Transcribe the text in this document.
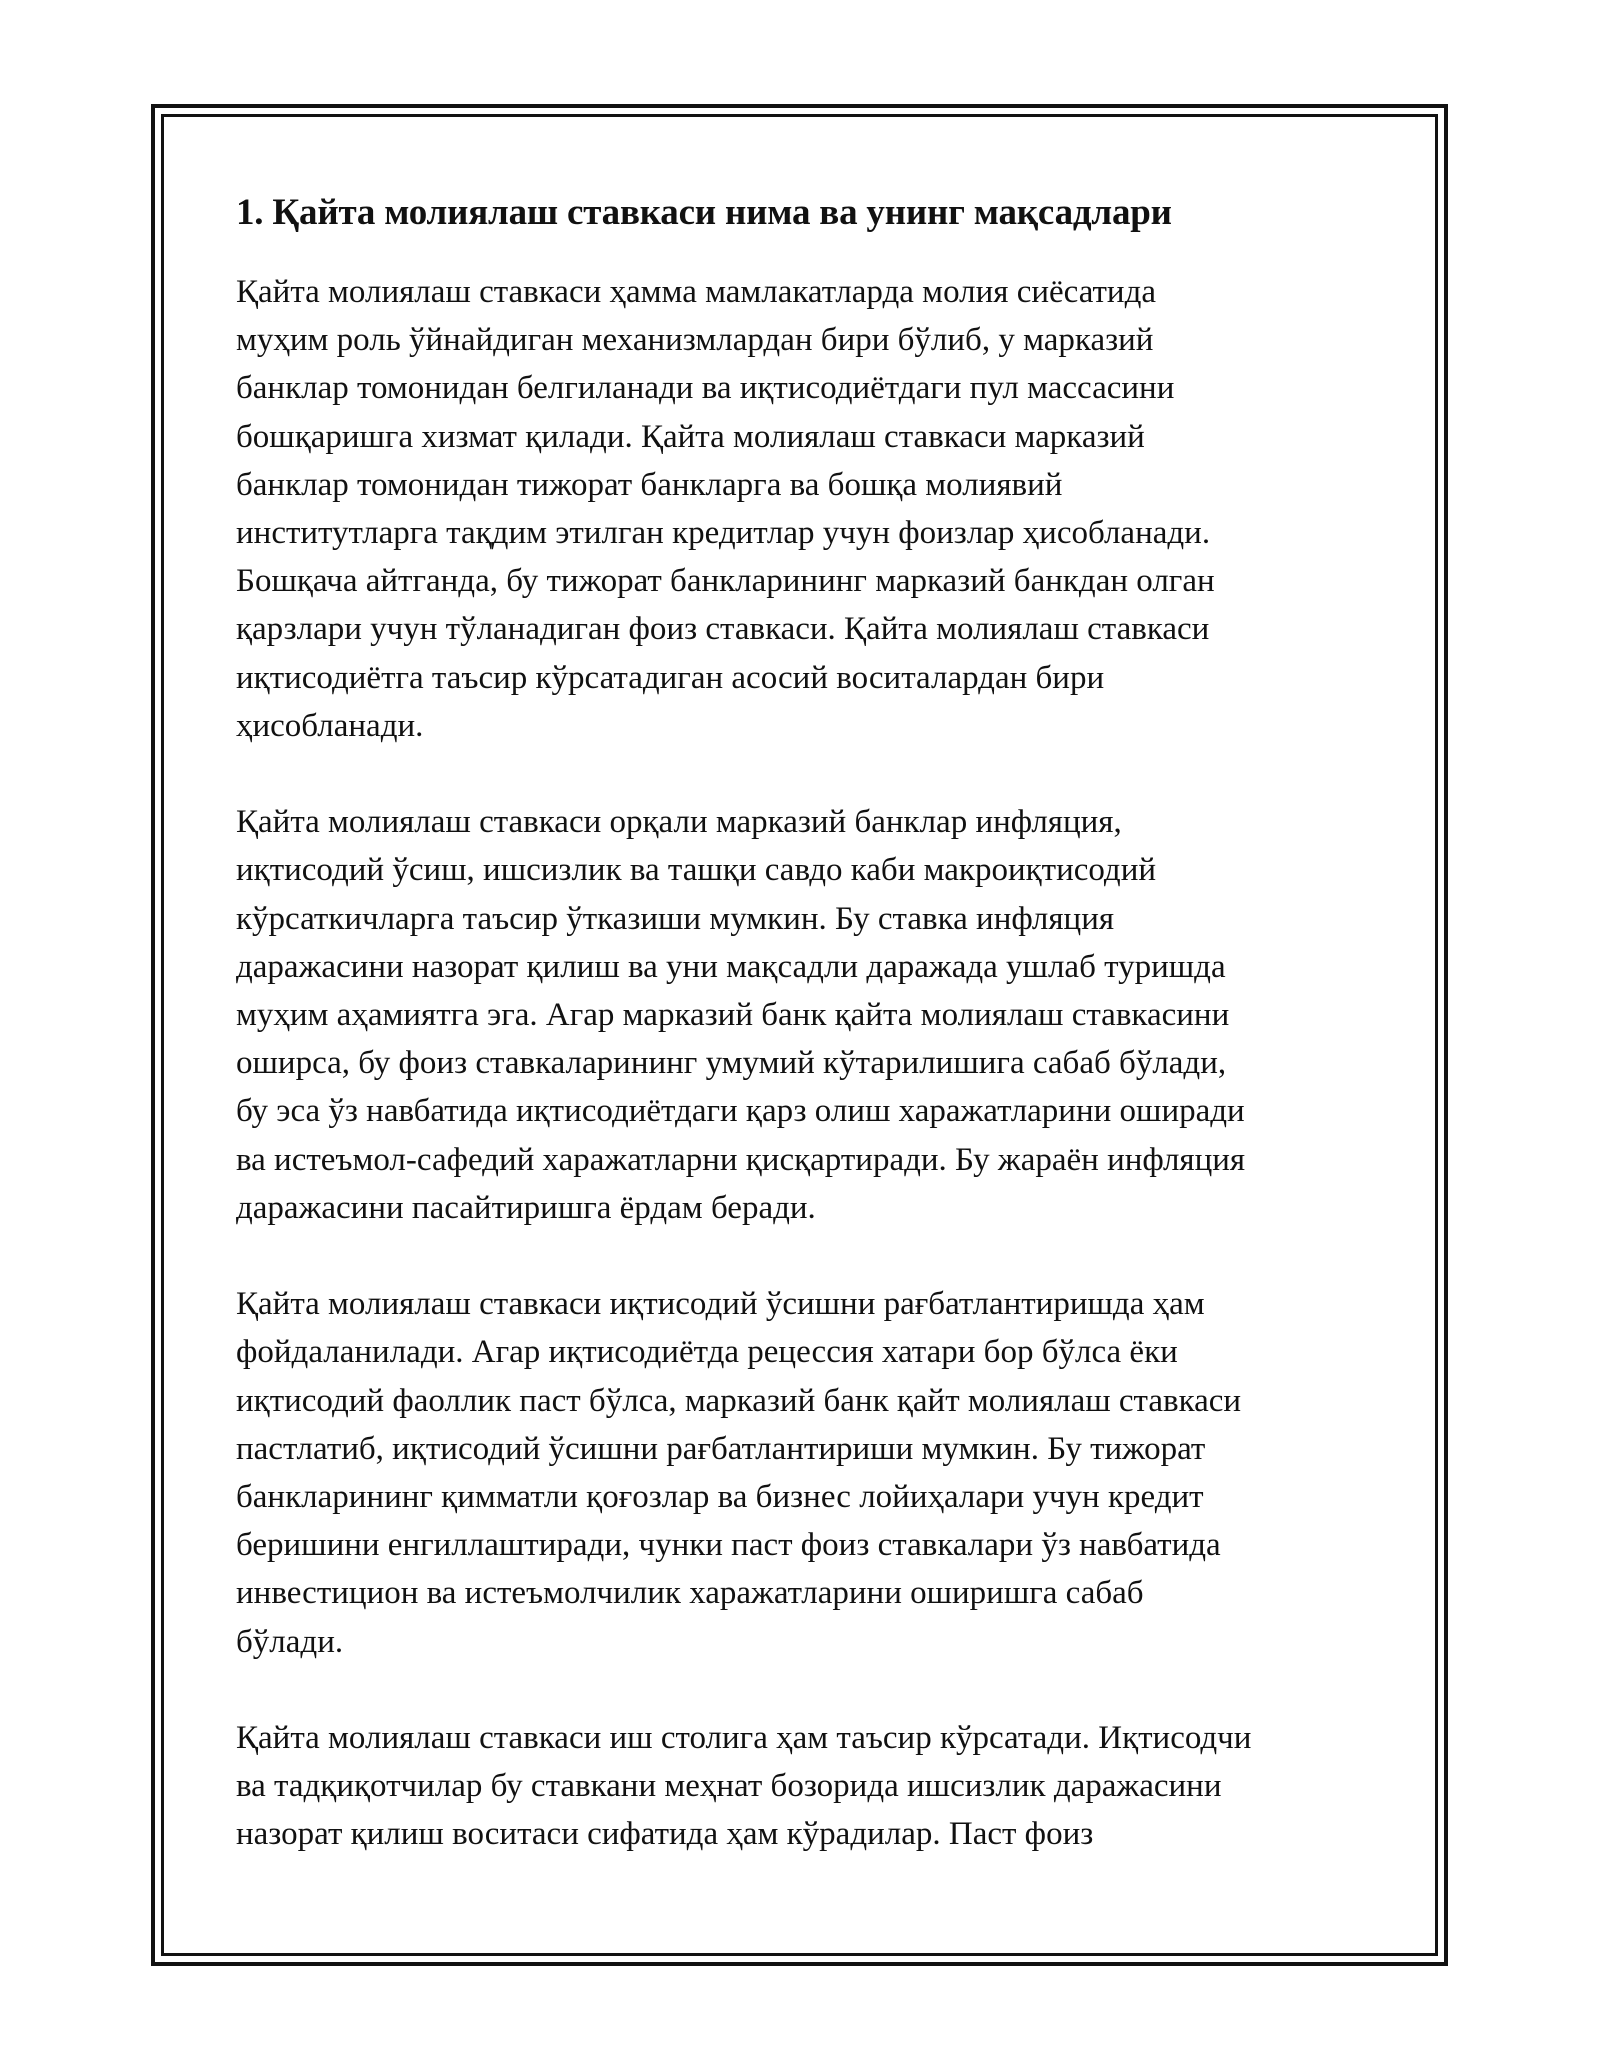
1. Қайта молиялаш ставкаси нима ва унинг мақсадлари
Қайта молиялаш ставкаси ҳамма мамлакатларда молия сиёсатида
муҳим роль ўйнайдиган механизмлардан бири бўлиб, у марказий
банклар томонидан белгиланади ва иқтисодиётдаги пул массасини
бошқаришга хизмат қилади. Қайта молиялаш ставкаси марказий
банклар томонидан тижорат банкларга ва бошқа молиявий
институтларга тақдим этилган кредитлар учун фоизлар ҳисобланади.
Бошқача айтганда, бу тижорат банкларининг марказий банкдан олган
қарзлари учун тўланадиган фоиз ставкаси. Қайта молиялаш ставкаси
иқтисодиётга таъсир кўрсатадиган асосий воситалардан бири
ҳисобланади.
Қайта молиялаш ставкаси орқали марказий банклар инфляция,
иқтисодий ўсиш, ишсизлик ва ташқи савдо каби макроиқтисодий
кўрсаткичларга таъсир ўтказиши мумкин. Бу ставка инфляция
даражасини назорат қилиш ва уни мақсадли даражада ушлаб туришда
муҳим аҳамиятга эга. Агар марказий банк қайта молиялаш ставкасини
оширса, бу фоиз ставкаларининг умумий кўтарилишига сабаб бўлади,
бу эса ўз навбатида иқтисодиётдаги қарз олиш харажатларини оширади
ва истеъмол-сафедий харажатларни қисқартиради. Бу жараён инфляция
даражасини пасайтиришга ёрдам беради.
Қайта молиялаш ставкаси иқтисодий ўсишни рағбатлантиришда ҳам
фойдаланилади. Агар иқтисодиётда рецессия хатари бор бўлса ёки
иқтисодий фаоллик паст бўлса, марказий банк қайт молиялаш ставкаси
пастлатиб, иқтисодий ўсишни рағбатлантириши мумкин. Бу тижорат
банкларининг қимматли қоғозлар ва бизнес лойиҳалари учун кредит
беришини енгиллаштиради, чунки паст фоиз ставкалари ўз навбатида
инвестицион ва истеъмолчилик харажатларини оширишга сабаб
бўлади.
Қайта молиялаш ставкаси иш столига ҳам таъсир кўрсатади. Иқтисодчи
ва тадқиқотчилар бу ставкани меҳнат бозорида ишсизлик даражасини
назорат қилиш воситаси сифатида ҳам кўрадилар. Паст фоиз
